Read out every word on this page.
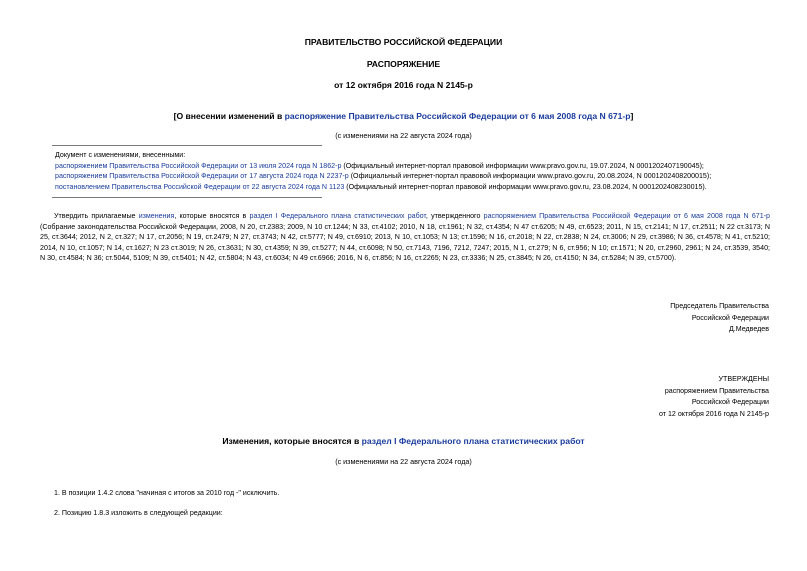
ПРАВИТЕЛЬСТВО РОССИЙСКОЙ ФЕДЕРАЦИИ
РАСПОРЯЖЕНИЕ
от 12 октября 2016 года N 2145-р
[О внесении изменений в распоряжение Правительства Российской Федерации от 6 мая 2008 года N 671-р]
(с изменениями на 22 августа 2024 года)
Документ с изменениями, внесенными:
распоряжением Правительства Российской Федерации от 13 июля 2024 года N 1862-р (Официальный интернет-портал правовой информации www.pravo.gov.ru, 19.07.2024, N 0001202407190045);
распоряжением Правительства Российской Федерации от 17 августа 2024 года N 2237-р (Официальный интернет-портал правовой информации www.pravo.gov.ru, 20.08.2024, N 0001202408200015);
постановлением Правительства Российской Федерации от 22 августа 2024 года N 1123 (Официальный интернет-портал правовой информации www.pravo.gov.ru, 23.08.2024, N 0001202408230015).
Утвердить прилагаемые изменения, которые вносятся в раздел I Федерального плана статистических работ, утвержденного распоряжением Правительства Российской Федерации от 6 мая 2008 года N 671-р (Собрание законодательства Российской Федерации, 2008, N 20, ст.2383; 2009, N 10 ст.1244; N 33, ст.4102; 2010, N 18, ст.1961; N 32, ст.4354; N 47 ст.6205; N 49, ст.6523; 2011, N 15, ст.2141; N 17, ст.2511; N 22 ст.3173; N 25, ст.3644; 2012, N 2, ст.327; N 17, ст.2056; N 19, ст.2479; N 27, ст.3743; N 42, ст.5777; N 49, ст.6910; 2013, N 10, ст.1053; N 13; ст.1596; N 16, ст.2018; N 22, ст.2838; N 24, ст.3006; N 29, ст.3986; N 36, ст.4578; N 41, ст.5210; 2014, N 10, ст.1057; N 14, ст.1627; N 23 ст.3019; N 26, ст.3631; N 30, ст.4359; N 39, ст.5277; N 44, ст.6098; N 50, ст.7143, 7196, 7212, 7247; 2015, N 1, ст.279; N 6, ст.956; N 10; ст.1571; N 20, ст.2960, 2961; N 24, ст.3539, 3540; N 30, ст.4584; N 36; ст.5044, 5109; N 39, ст.5401; N 42, ст.5804; N 43, ст.6034; N 49 ст.6966; 2016, N 6, ст.856; N 16, ст.2265; N 23, ст.3336; N 25, ст.3845; N 26, ст.4150; N 34, ст.5284; N 39, ст.5700).
Председатель Правительства
Российской Федерации
Д.Медведев
УТВЕРЖДЕНЫ
распоряжением Правительства
Российской Федерации
от 12 октября 2016 года N 2145-р
Изменения, которые вносятся в раздел I Федерального плана статистических работ
(с изменениями на 22 августа 2024 года)
1. В позиции 1.4.2 слова "начиная с итогов за 2010 год -" исключить.
2. Позицию 1.8.3 изложить в следующей редакции:
